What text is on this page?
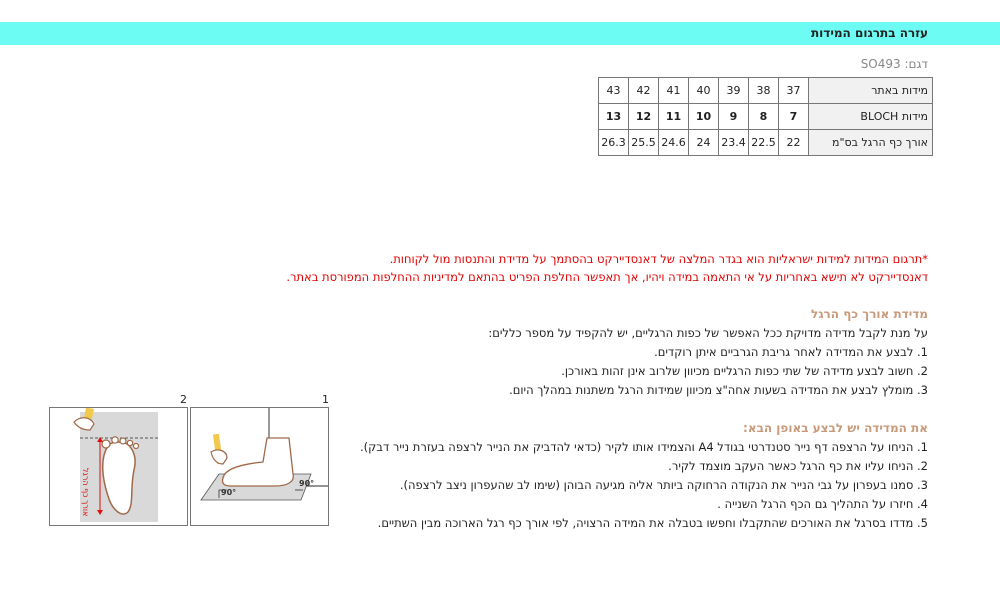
עזרה בתרגום המידות
דגם: SO493
מידות באתר	37	38	39	40	41	42	43
מידות BLOCH	7	8	9	10	11	12	13
אורך כף הרגל בס"מ	22	22.5	23.4	24	24.6	25.5	26.3
*תרגום המידות למידות ישראליות הוא בגדר המלצה של דאנסדיירקט בהסתמך על מדידת והתנסות מול לקוחות.
דאנסדיירקט לא תישא באחריות על אי התאמה במידה ויהיו, אך תאפשר החלפת הפריט בהתאם למדיניות ההחלפות המפורסת באתר.
מדידת אורך כף הרגל
על מנת לקבל מדידה מדויקת ככל האפשר של כפות הרגליים, יש להקפיד על מספר כללים:
1. לבצע את המדידה לאחר גריבת הגרביים איתן רוקדים.
2. חשוב לבצע מדידה של שתי כפות הרגליים מכיוון שלרוב אינן זהות באורכן.
3. מומלץ לבצע את המדידה בשעות אחה"צ מכיוון שמידות הרגל משתנות במהלך היום.
את המדידה יש לבצע באופן הבא:
1. הניחו על הרצפה דף נייר סטנדרטי בגודל A4 והצמידו אותו לקיר (כדאי להדביק את הנייר לרצפה בעזרת נייר דבק).
2. הניחו עליו את כף הרגל כאשר העקב מוצמד לקיר.
3. סמנו בעפרון על גבי הנייר את הנקודה הרחוקה ביותר אליה מגיעה הבוהן (שימו לב שהעפרון ניצב לרצפה).
4. חיזרו על התהליך גם הכף הרגל השנייה .
5. מדדו בסרגל את האורכים שהתקבלו וחפשו בטבלה את המידה הרצויה, לפי אורך כף רגל הארוכה מבין השתיים.
2
אורך כף הרגל
1
90°
90°
